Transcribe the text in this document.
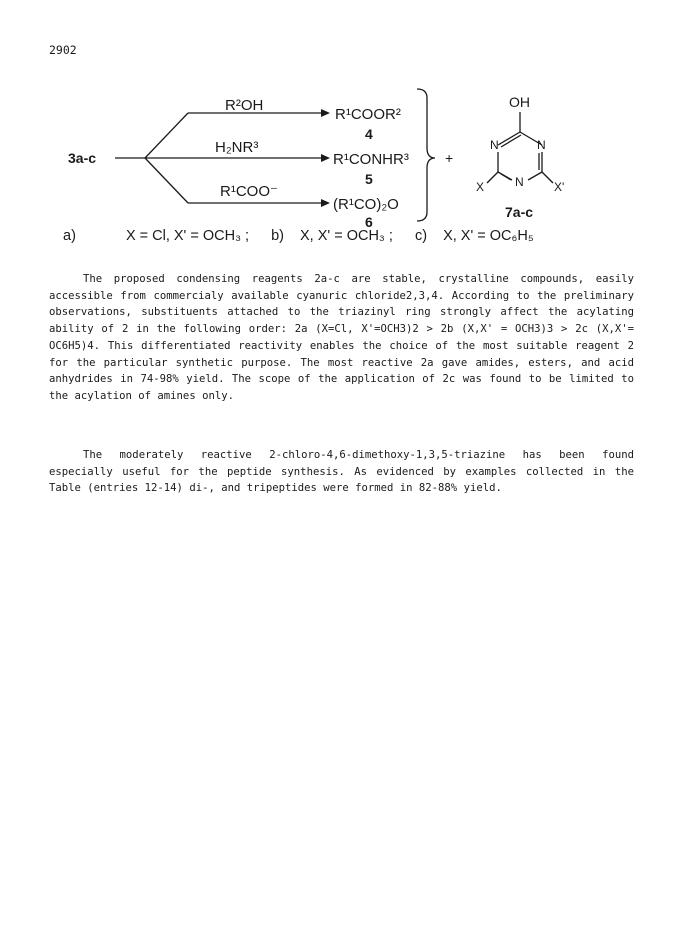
2902
3a-c
R²OH
H₂NR³
R¹COO⁻
R¹COOR²
4
R¹CONHR³
5
(R¹CO)₂O
6
+
OH
N	N
N
X	X'
7a-c
a)	X = Cl, X' = OCH₃ ; b) X, X' = OCH₃ ; c) X, X' = OC₆H₅

The proposed condensing reagents 2a-c are stable, crystalline compounds, easily accessible from commercialy available cyanuric chloride2,3,4. According to the preliminary observations, substituents attached to the triazinyl ring strongly affect the acylating ability of 2 in the following order: 2a (X=Cl, X'=OCH3)2 > 2b (X,X' = OCH3)3 > 2c (X,X'= OC6H5)4. This differentiated reactivity enables the choice of the most suitable reagent 2 for the particular synthetic purpose. The most reactive 2a gave amides, esters, and acid anhydrides in 74-98% yield. The scope of the application of 2c was found to be limited to the acylation of amines only.

The moderately reactive 2-chloro-4,6-dimethoxy-1,3,5-triazine has been found especially useful for the peptide synthesis. As evidenced by examples collected in the Table (entries 12-14) di-, and tripeptides were formed in 82-88% yield.
